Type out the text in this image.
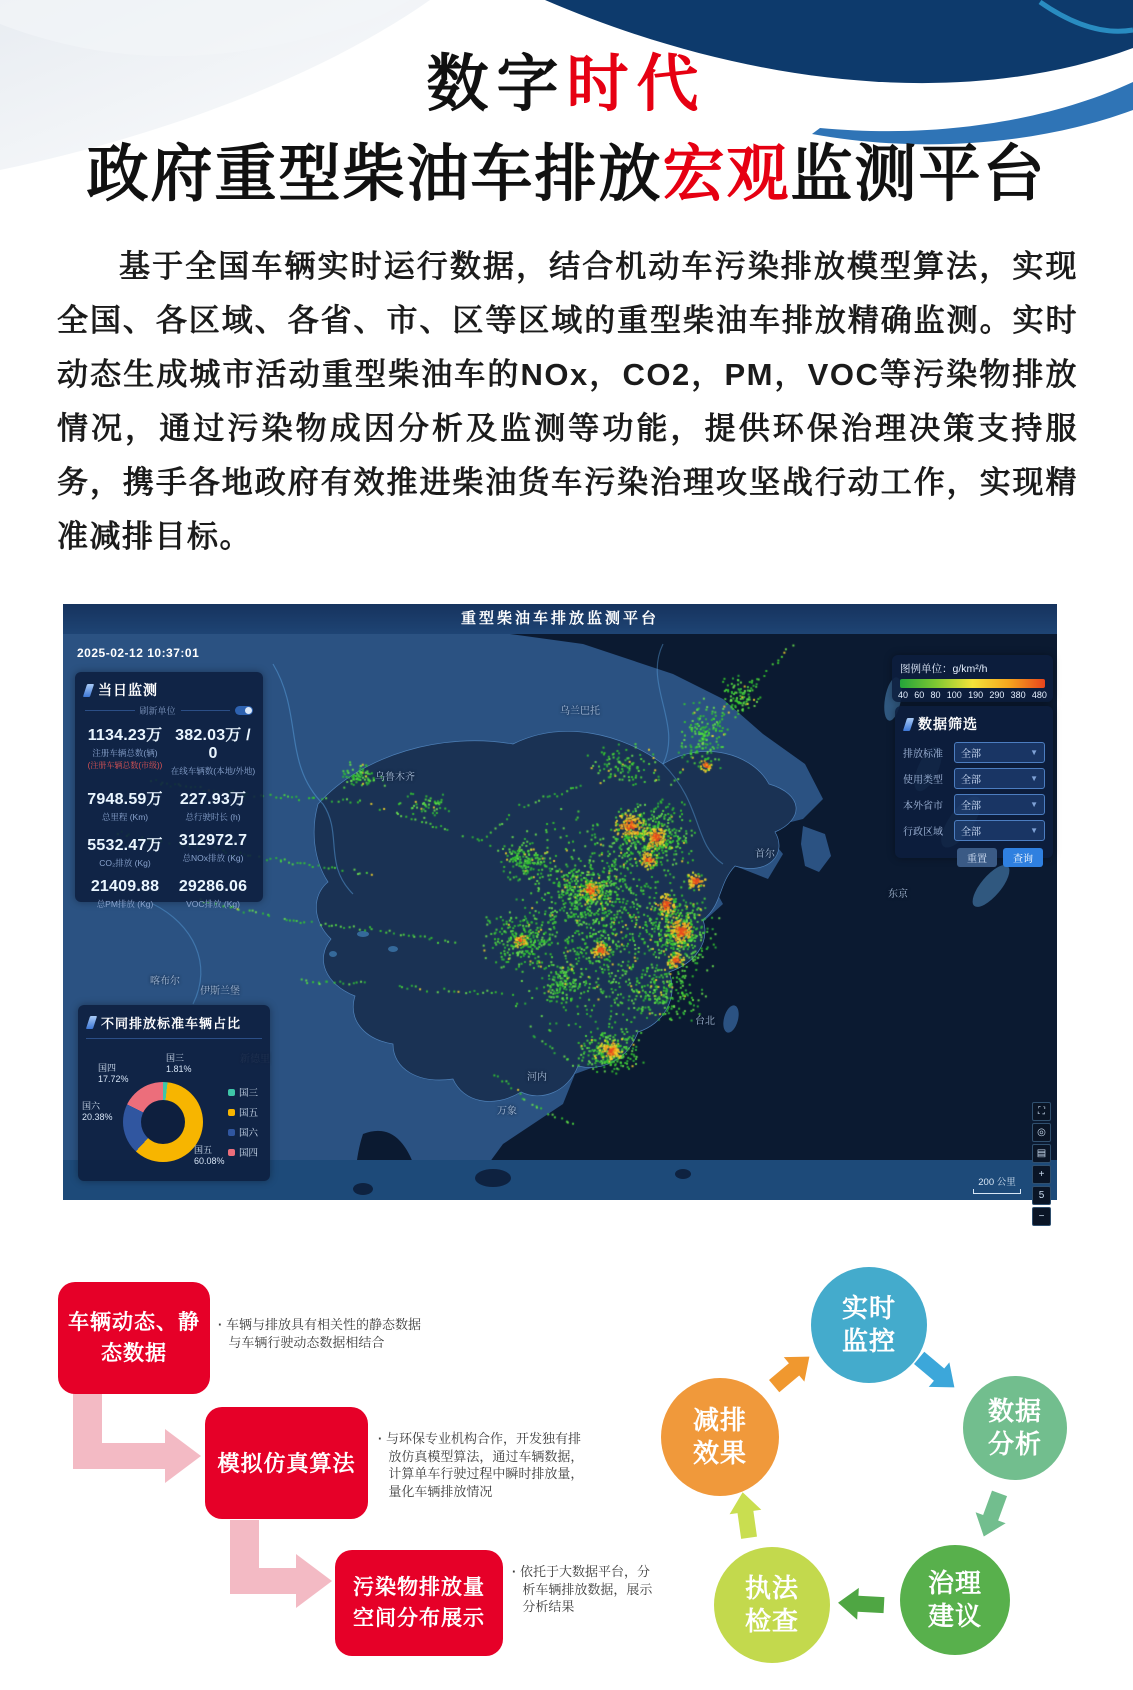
数字时代
政府重型柴油车排放宏观监测平台
基于全国车辆实时运行数据，结合机动车污染排放模型算法，实现全国、各区域、各省、市、区等区域的重型柴油车排放精确监测。实时动态生成城市活动重型柴油车的NOx，CO2，PM，VOC等污染物排放情况，通过污染物成因分析及监测等功能，提供环保治理决策支持服务，携手各地政府有效推进柴油货车污染治理攻坚战行动工作，实现精准减排目标。
乌兰巴托
乌鲁木齐
喀布尔
伊斯兰堡
东京
首尔
台北
河内
万象
重型柴油车排放监测平台
2025-02-12 10:37:01
当日监测
刷新单位
1134.23万
注册车辆总数(辆)
(注册车辆总数(市级))
382.03万 / 0
在线车辆数(本地/外地)
7948.59万
总里程 (Km)
227.93万
总行驶时长 (h)
5532.47万
CO₂排放 (Kg)
312972.7
总NOx排放 (Kg)
21409.88
总PM排放 (Kg)
29286.06
VOC排放 (Kg)
图例单位：g/km²/h
40 60 80 100 190 290 380 480
数据筛选
排放标准	全部	▼
使用类型	全部	▼
本外省市	全部	▼
行政区域	全部	▼
重置	查询
不同排放标准车辆占比
国三
1.81%
国五
60.08%
国六
20.38%
国四
17.72%
国三
国五
国六
国四
⛶
◎
▤
+
5
−
200 公里
车辆动态、静态数据
· 车辆与排放具有相关性的静态数据与车辆行驶动态数据相结合
模拟仿真算法
· 与环保专业机构合作，开发独有排放仿真模型算法，通过车辆数据，计算单车行驶过程中瞬时排放量，量化车辆排放情况
污染物排放量空间分布展示
· 依托于大数据平台，分析车辆排放数据，展示分析结果
实时监控
数据分析
治理建议
执法检查
减排效果
